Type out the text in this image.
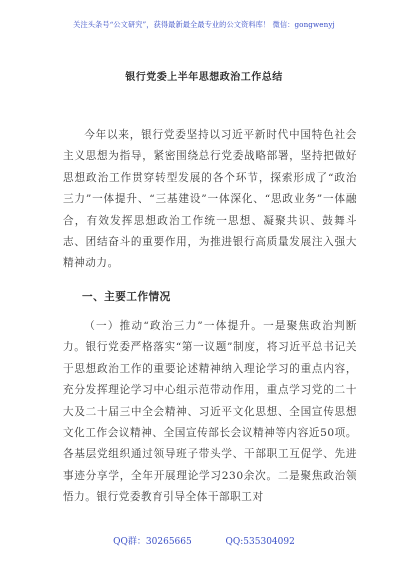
关注头条号“公文研究”，获得最新最全最专业的公文资料库！ 微信：gongwenyj
银行党委上半年思想政治工作总结

今年以来，银行党委坚持以习近平新时代中国特色社会主义思想为指导，紧密围绕总行党委战略部署，坚持把做好思想政治工作贯穿转型发展的各个环节，探索形成了“政治三力”一体提升、“三基建设”一体深化、“思政业务”一体融合，有效发挥思想政治工作统一思想、凝聚共识、鼓舞斗志、团结奋斗的重要作用，为推进银行高质量发展注入强大精神动力。

一、主要工作情况

（一）推动“政治三力”一体提升。一是聚焦政治判断力。银行党委严格落实“第一议题”制度，将习近平总书记关于思想政治工作的重要论述精神纳入理论学习的重点内容，充分发挥理论学习中心组示范带动作用，重点学习党的二十大及二十届三中全会精神、习近平文化思想、全国宣传思想文化工作会议精神、全国宣传部长会议精神等内容近50项。各基层党组织通过领导班子带头学、干部职工互促学、先进事迹分享学，全年开展理论学习230余次。二是聚焦政治领悟力。银行党委教育引导全体干部职工对

QQ群：30265665	QQ:535304092
